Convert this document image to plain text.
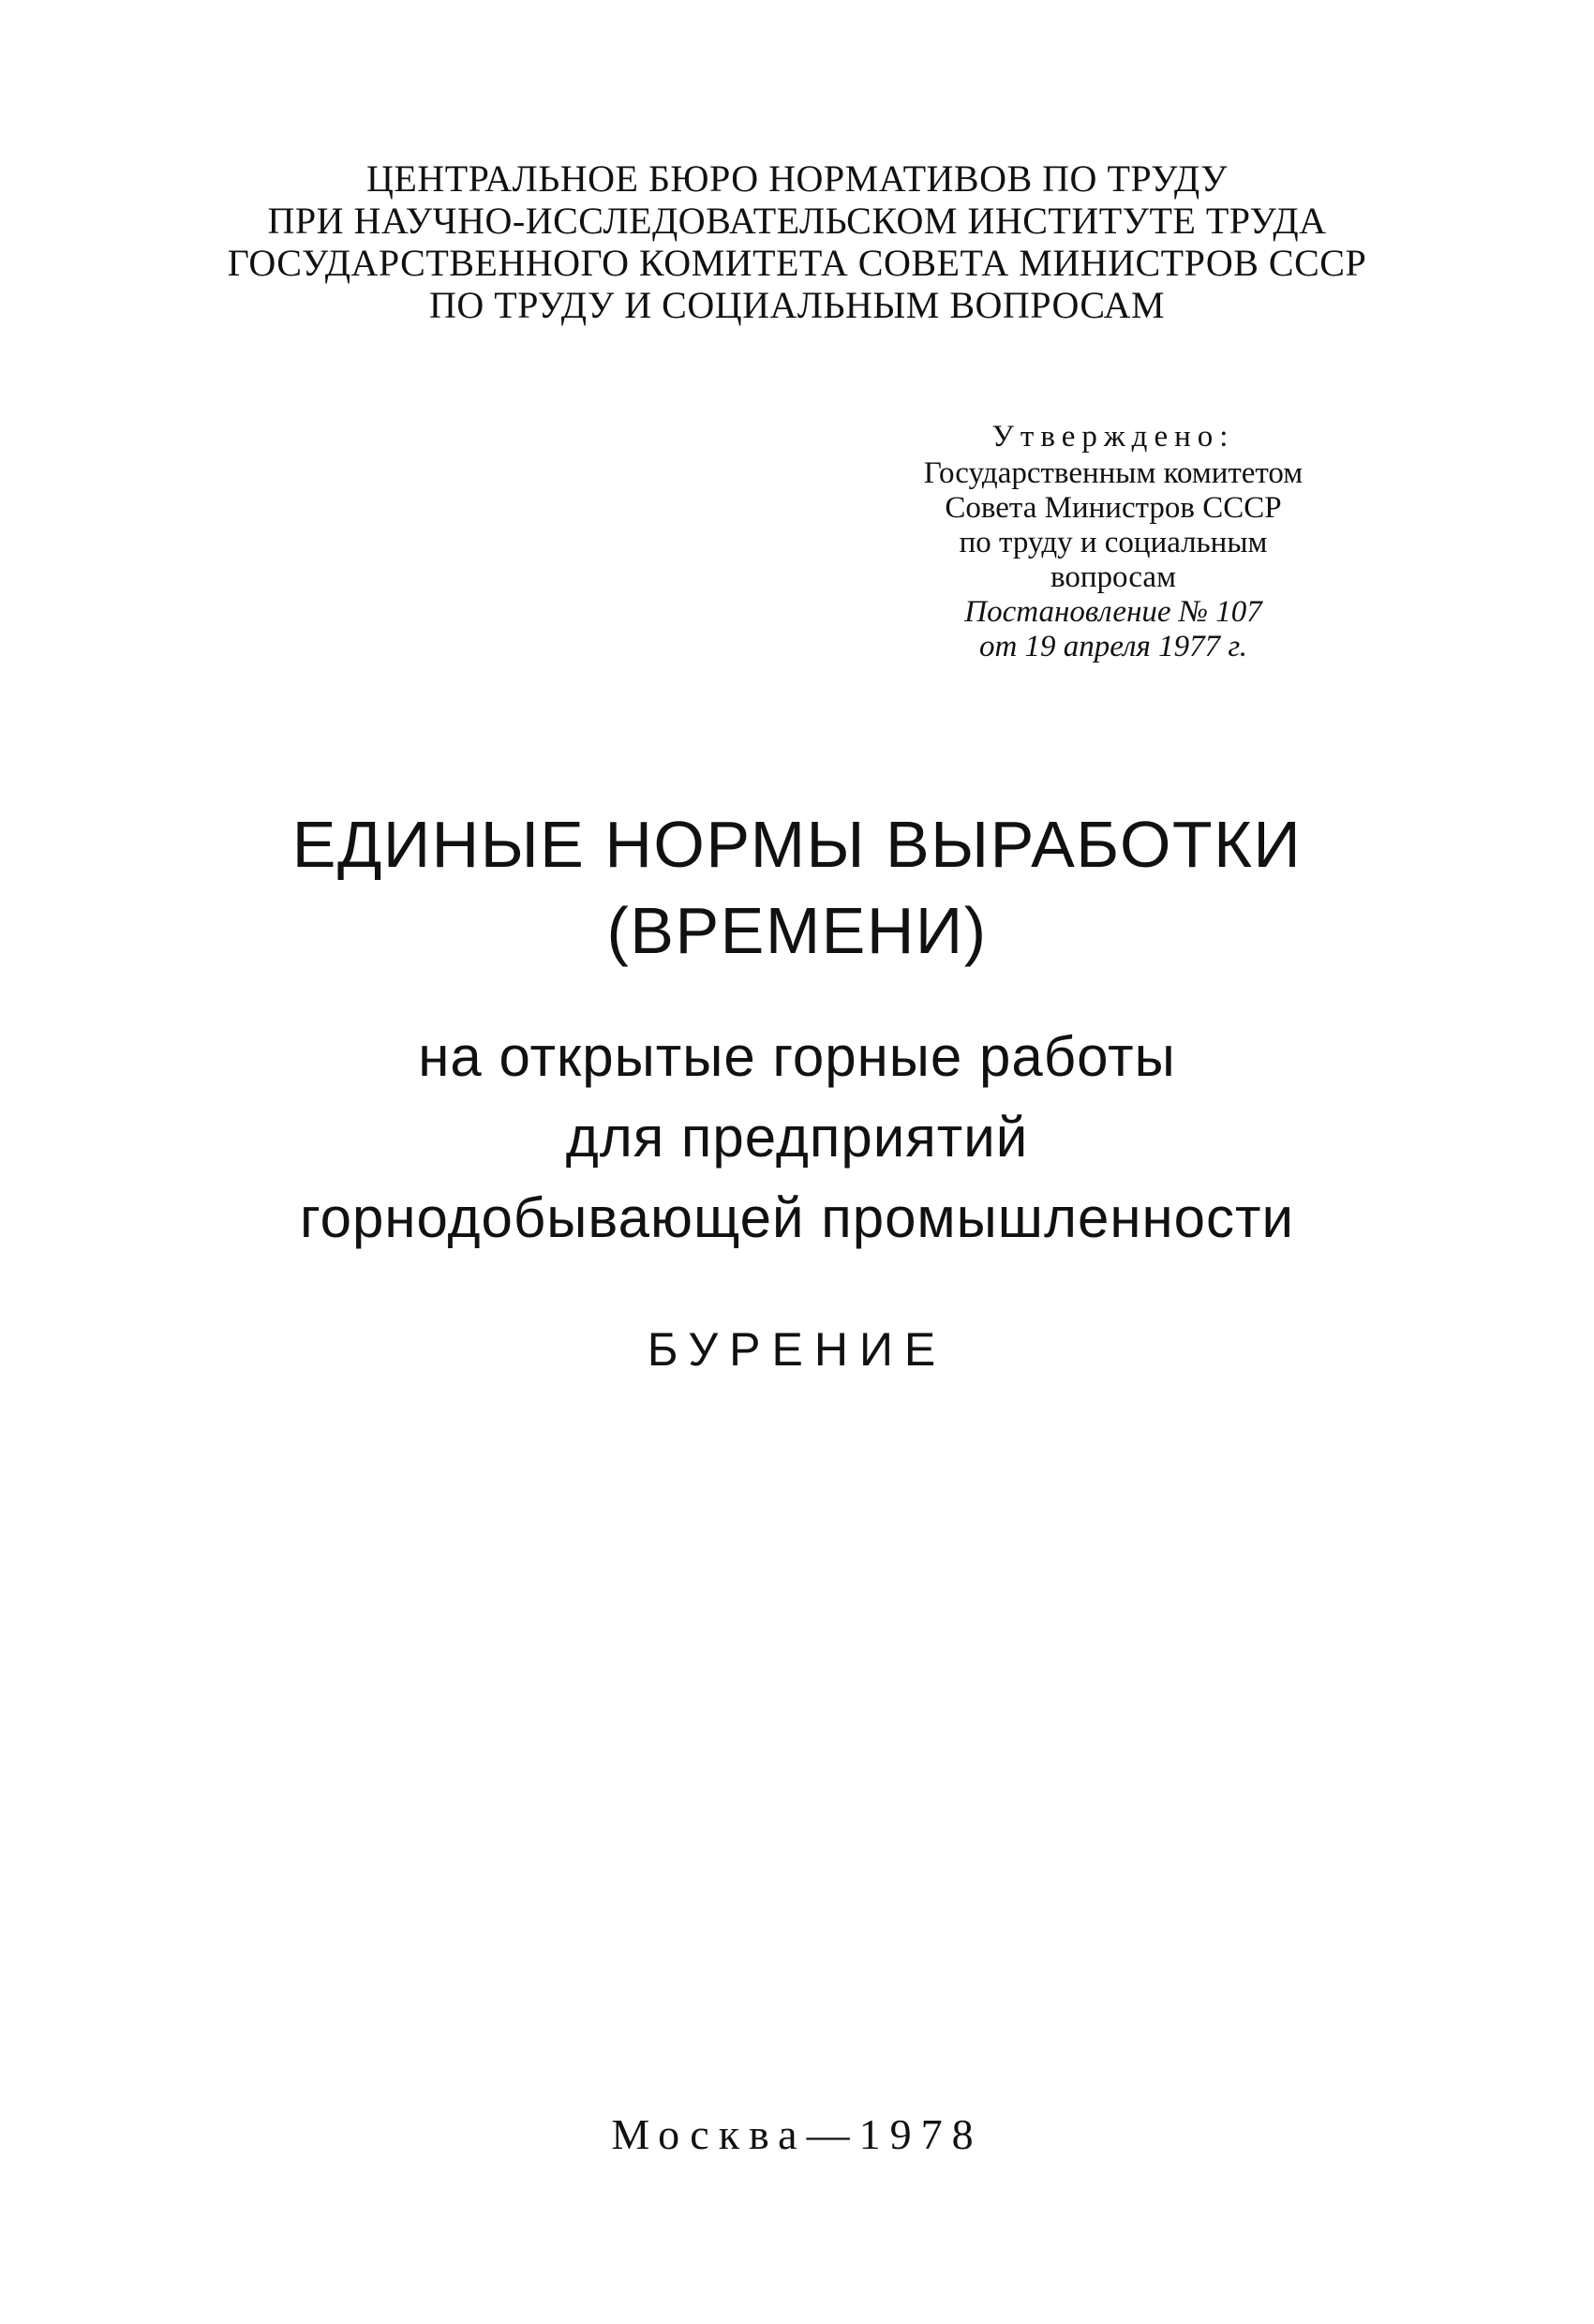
ЦЕНТРАЛЬНОЕ БЮРО НОРМАТИВОВ ПО ТРУДУ
ПРИ НАУЧНО-ИССЛЕДОВАТЕЛЬСКОМ ИНСТИТУТЕ ТРУДА
ГОСУДАРСТВЕННОГО КОМИТЕТА СОВЕТА МИНИСТРОВ СССР
ПО ТРУДУ И СОЦИАЛЬНЫМ ВОПРОСАМ
Утверждено:
Государственным комитетом
Совета Министров СССР
по труду и социальным
вопросам
Постановление № 107
от 19 апреля 1977 г.
ЕДИНЫЕ НОРМЫ ВЫРАБОТКИ
(ВРЕМЕНИ)
на открытые горные работы
для предприятий
горнодобывающей промышленности
БУРЕНИЕ
Москва—1978
